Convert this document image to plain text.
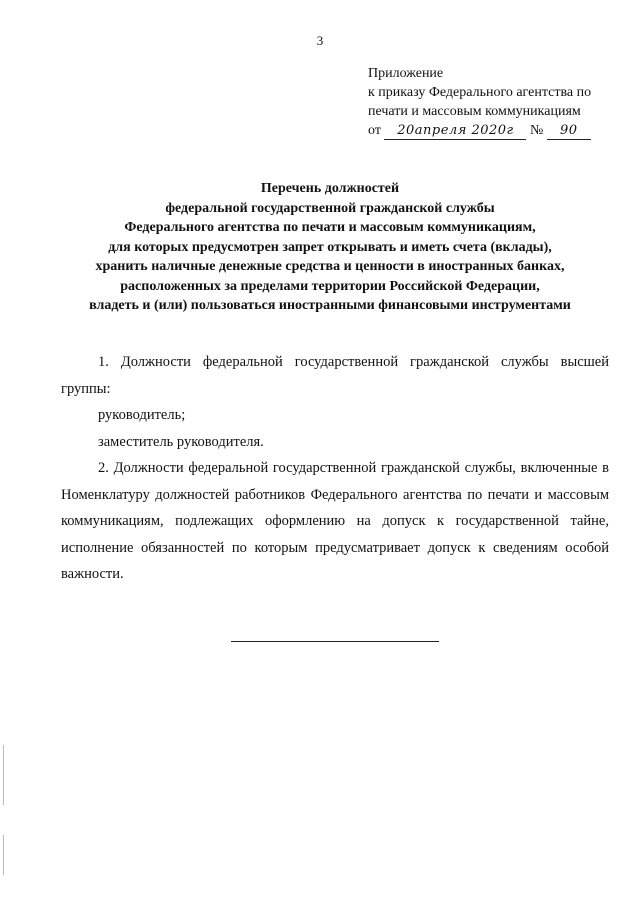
3
Приложение
к приказу Федерального агентства по
печати и массовым коммуникациям
от 20апреля 2020г № 90
Перечень должностей
федеральной государственной гражданской службы
Федерального агентства по печати и массовым коммуникациям,
для которых предусмотрен запрет открывать и иметь счета (вклады),
хранить наличные денежные средства и ценности в иностранных банках,
расположенных за пределами территории Российской Федерации,
владеть и (или) пользоваться иностранными финансовыми инструментами

1. Должности федеральной государственной гражданской службы высшей группы:

руководитель;

заместитель руководителя.

2. Должности федеральной государственной гражданской службы, включенные в Номенклатуру должностей работников Федерального агентства по печати и массовым коммуникациям, подлежащих оформлению на допуск к государственной тайне, исполнение обязанностей по которым предусматривает допуск к сведениям особой важности.
